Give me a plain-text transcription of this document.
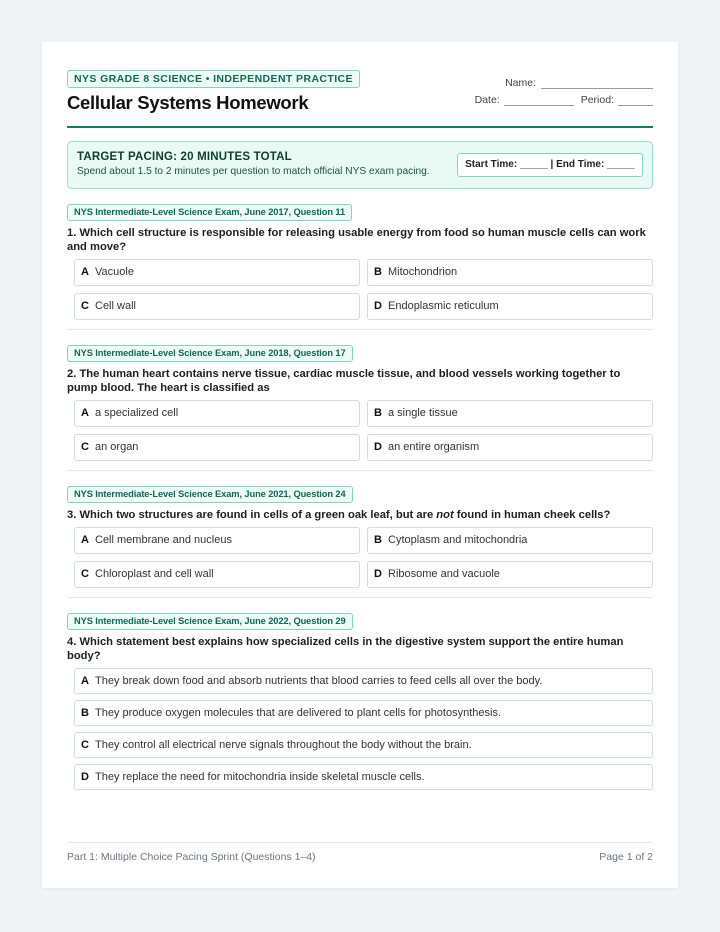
NYS GRADE 8 SCIENCE • INDEPENDENT PRACTICE
Cellular Systems Homework
Name:
Date:	Period:
TARGET PACING: 20 MINUTES TOTAL
Spend about 1.5 to 2 minutes per question to match official NYS exam pacing.
Start Time: _____ | End Time: _____
NYS Intermediate-Level Science Exam, June 2017, Question 11
1. Which cell structure is responsible for releasing usable energy from food so human muscle cells can work and move?
A Vacuole	B Mitochondrion
C Cell wall	D Endoplasmic reticulum
NYS Intermediate-Level Science Exam, June 2018, Question 17
2. The human heart contains nerve tissue, cardiac muscle tissue, and blood vessels working together to pump blood. The heart is classified as
A a specialized cell	B a single tissue
C an organ	D an entire organism
NYS Intermediate-Level Science Exam, June 2021, Question 24
3. Which two structures are found in cells of a green oak leaf, but are not found in human cheek cells?
A Cell membrane and nucleus	B Cytoplasm and mitochondria
C Chloroplast and cell wall	D Ribosome and vacuole
NYS Intermediate-Level Science Exam, June 2022, Question 29
4. Which statement best explains how specialized cells in the digestive system support the entire human body?
A They break down food and absorb nutrients that blood carries to feed cells all over the body.
B They produce oxygen molecules that are delivered to plant cells for photosynthesis.
C They control all electrical nerve signals throughout the body without the brain.
D They replace the need for mitochondria inside skeletal muscle cells.
Part 1: Multiple Choice Pacing Sprint (Questions 1–4)	Page 1 of 2
